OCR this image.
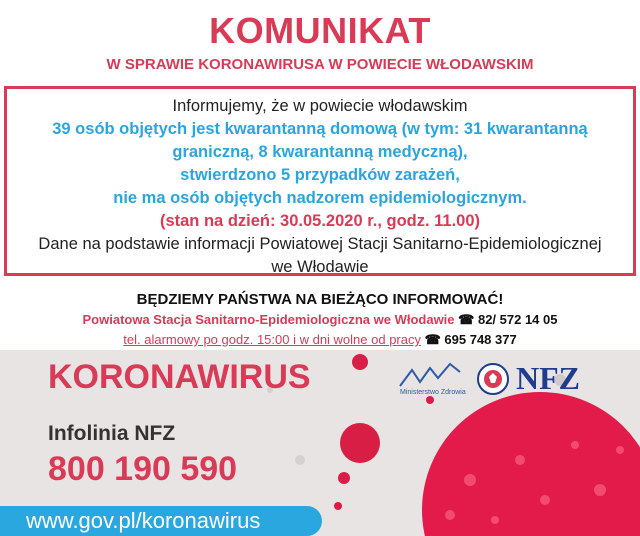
KOMUNIKAT
W SPRAWIE KORONAWIRUSA W POWIECIE WŁODAWSKIM
Informujemy, że w powiecie włodawskim
39 osób objętych jest kwarantanną domową (w tym: 31 kwarantanną
graniczną, 8 kwarantanną medyczną),
stwierdzono 5 przypadków zarażeń,
nie ma osób objętych nadzorem epidemiologicznym.
(stan na dzień: 30.05.2020 r., godz. 11.00)
Dane na podstawie informacji Powiatowej Stacji Sanitarno-Epidemiologicznej
we Włodawie
BĘDZIEMY PAŃSTWA NA BIEŻĄCO INFORMOWAĆ!
Powiatowa Stacja Sanitarno-Epidemiologiczna we Włodawie ☎ 82/ 572 14 05
tel. alarmowy po godz. 15:00 i w dni wolne od pracy ☎ 695 748 377
KORONAWIRUS
Infolinia NFZ
800 190 590
www.gov.pl/koronawirus
Ministerstwo Zdrowia NFZ
